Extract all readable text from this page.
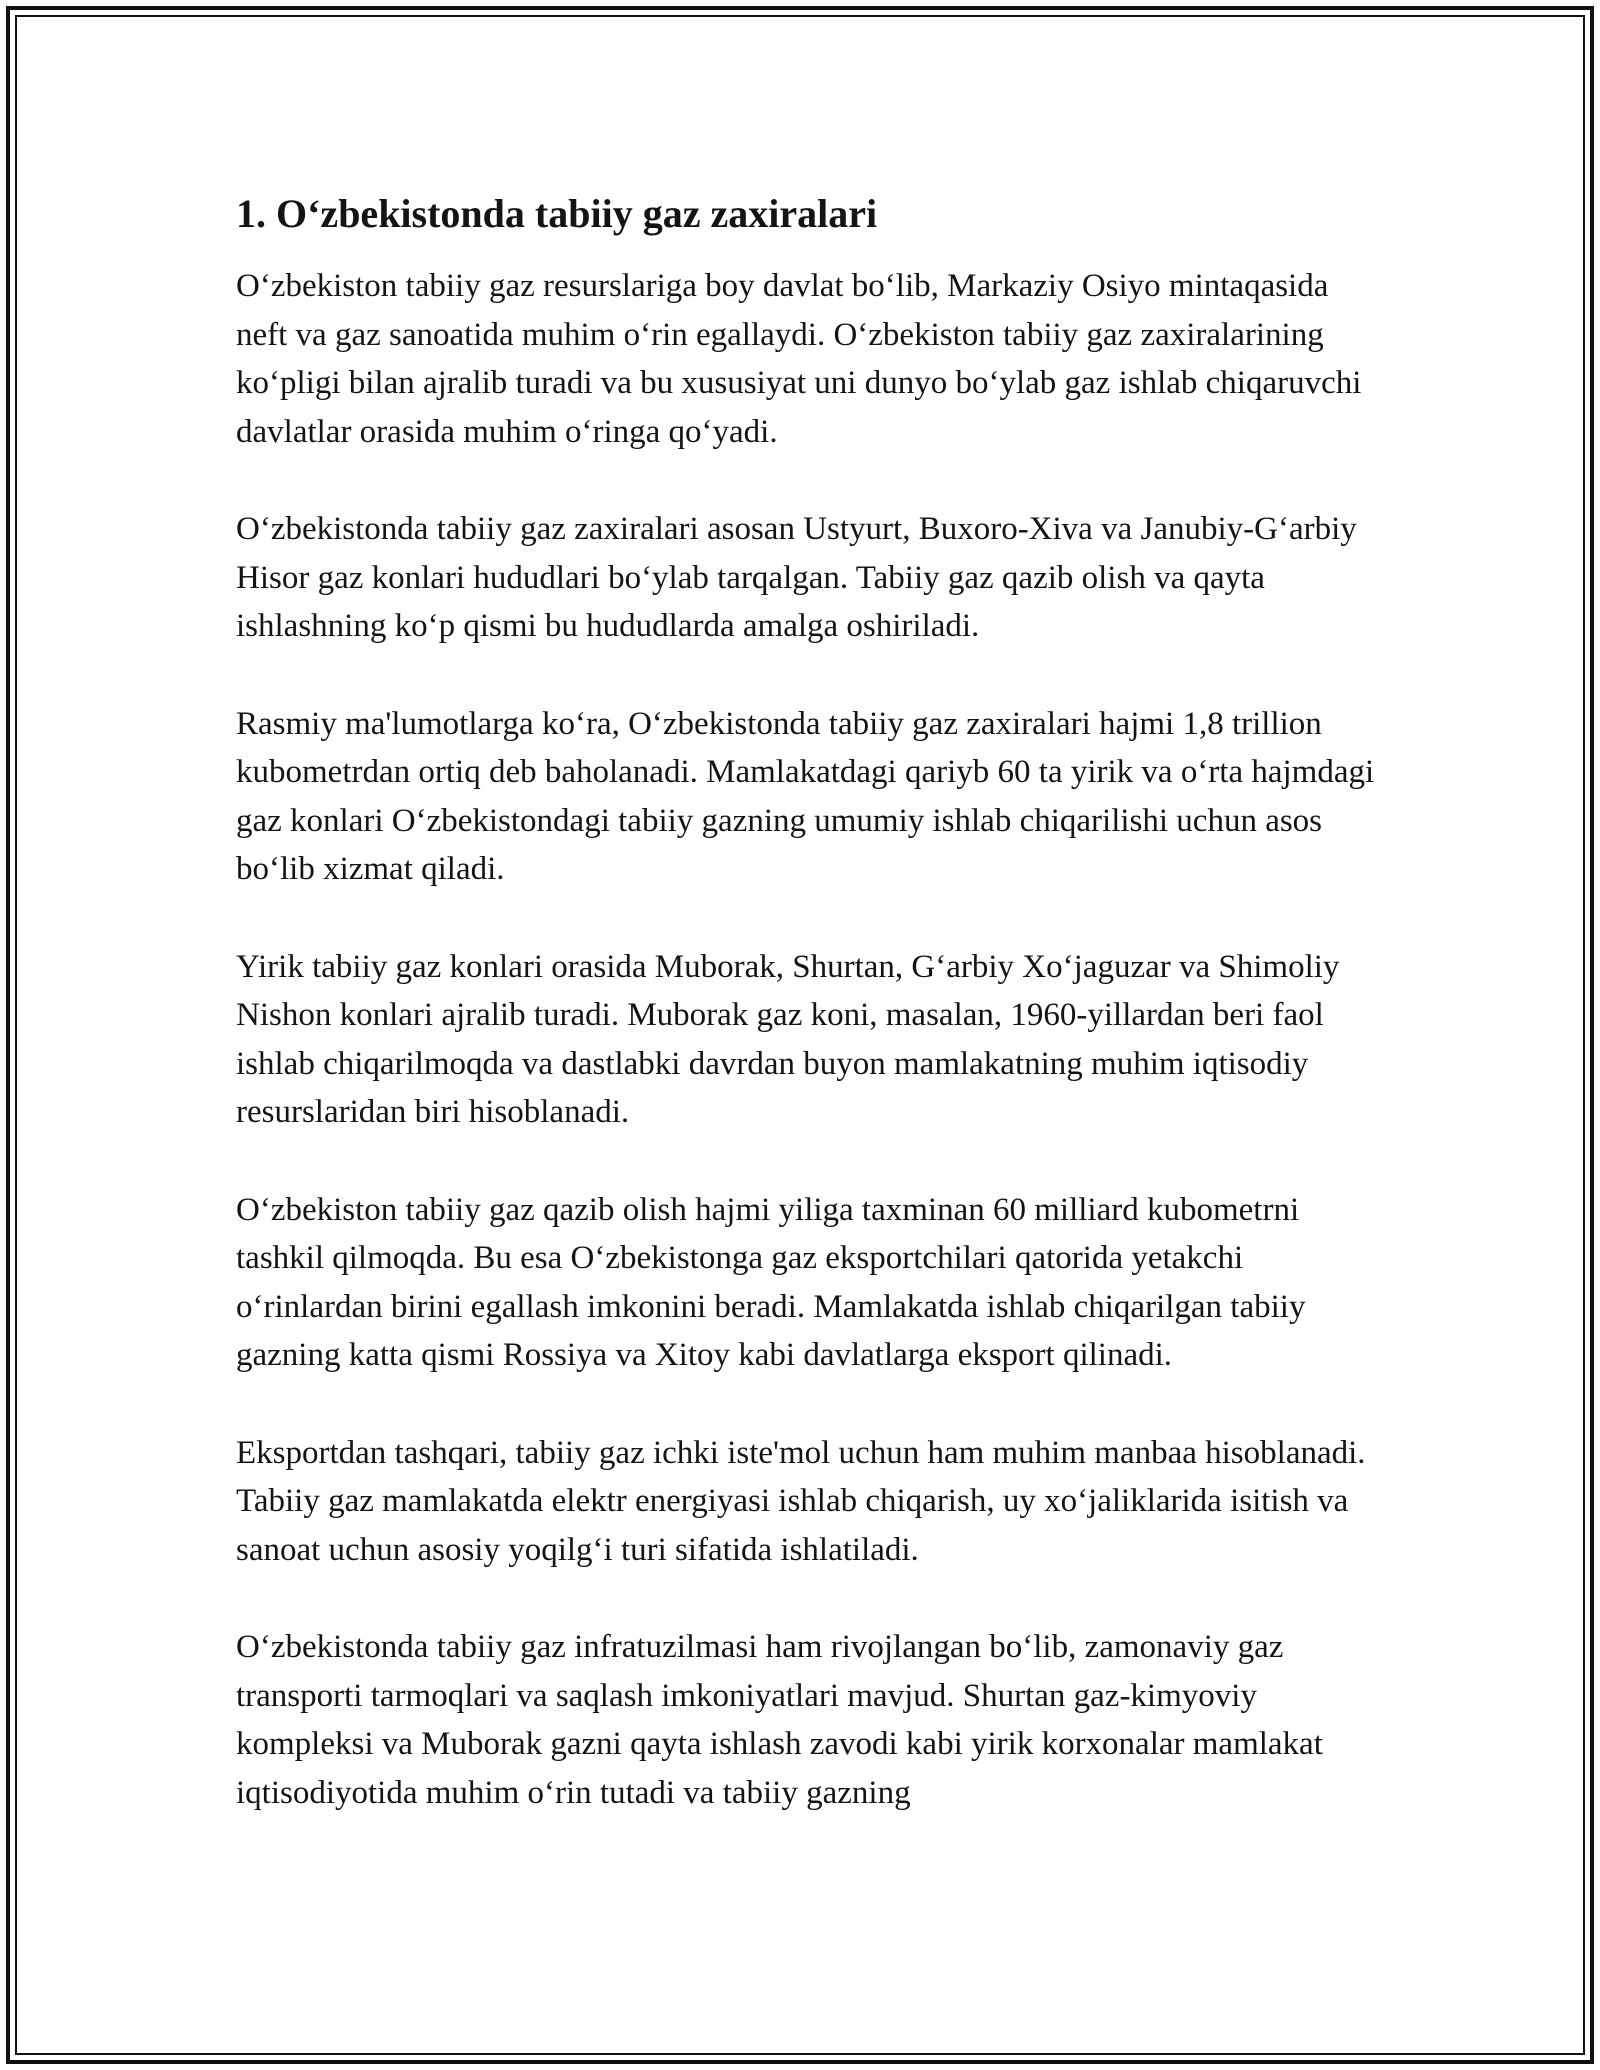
1. O‘zbekistonda tabiiy gaz zaxiralari

O‘zbekiston tabiiy gaz resurslariga boy davlat bo‘lib, Markaziy Osiyo mintaqasida neft va gaz sanoatida muhim o‘rin egallaydi. O‘zbekiston tabiiy gaz zaxiralarining ko‘pligi bilan ajralib turadi va bu xususiyat uni dunyo bo‘ylab gaz ishlab chiqaruvchi davlatlar orasida muhim o‘ringa qo‘yadi.

O‘zbekistonda tabiiy gaz zaxiralari asosan Ustyurt, Buxoro-Xiva va Janubiy-G‘arbiy Hisor gaz konlari hududlari bo‘ylab tarqalgan. Tabiiy gaz qazib olish va qayta ishlashning ko‘p qismi bu hududlarda amalga oshiriladi.

Rasmiy ma'lumotlarga ko‘ra, O‘zbekistonda tabiiy gaz zaxiralari hajmi 1,8 trillion kubometrdan ortiq deb baholanadi. Mamlakatdagi qariyb 60 ta yirik va o‘rta hajmdagi gaz konlari O‘zbekistondagi tabiiy gazning umumiy ishlab chiqarilishi uchun asos bo‘lib xizmat qiladi.

Yirik tabiiy gaz konlari orasida Muborak, Shurtan, G‘arbiy Xo‘jaguzar va Shimoliy Nishon konlari ajralib turadi. Muborak gaz koni, masalan, 1960-yillardan beri faol ishlab chiqarilmoqda va dastlabki davrdan buyon mamlakatning muhim iqtisodiy resurslaridan biri hisoblanadi.

O‘zbekiston tabiiy gaz qazib olish hajmi yiliga taxminan 60 milliard kubometrni tashkil qilmoqda. Bu esa O‘zbekistonga gaz eksportchilari qatorida yetakchi o‘rinlardan birini egallash imkonini beradi. Mamlakatda ishlab chiqarilgan tabiiy gazning katta qismi Rossiya va Xitoy kabi davlatlarga eksport qilinadi.

Eksportdan tashqari, tabiiy gaz ichki iste'mol uchun ham muhim manbaa hisoblanadi. Tabiiy gaz mamlakatda elektr energiyasi ishlab chiqarish, uy xo‘jaliklarida isitish va sanoat uchun asosiy yoqilg‘i turi sifatida ishlatiladi.

O‘zbekistonda tabiiy gaz infratuzilmasi ham rivojlangan bo‘lib, zamonaviy gaz transporti tarmoqlari va saqlash imkoniyatlari mavjud. Shurtan gaz-kimyoviy kompleksi va Muborak gazni qayta ishlash zavodi kabi yirik korxonalar mamlakat iqtisodiyotida muhim o‘rin tutadi va tabiiy gazning
